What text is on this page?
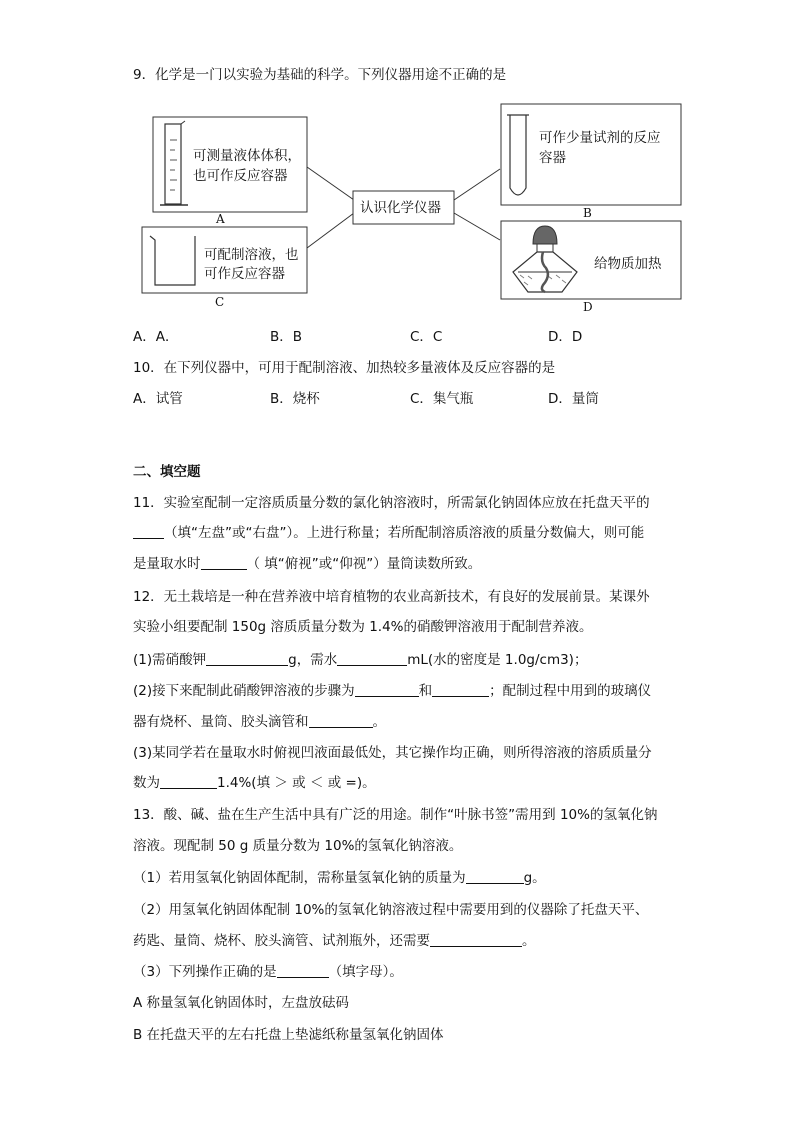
9．化学是一门以实验为基础的科学。下列仪器用途不正确的是
认识化学仪器
可测量液体体积，
也可作反应容器
A
可作少量试剂的反应
容器
B
可配制溶液，也
可作反应容器
C
给物质加热
D
A．A．	B．B	C．C	D．D
10．在下列仪器中，可用于配制溶液、加热较多量液体及反应容器的是
A．试管	B．烧杯	C．集气瓶	D．量筒
二、填空题
11．实验室配制一定溶质质量分数的氯化钠溶液时，所需氯化钠固体应放在托盘天平的
（填“左盘”或“右盘”）。上进行称量；若所配制溶质溶液的质量分数偏大，则可能
是量取水时	（ 填“俯视”或“仰视”）量筒读数所致。
12．无土栽培是一种在营养液中培育植物的农业高新技术，有良好的发展前景。某课外
实验小组要配制 150g 溶质质量分数为 1.4%的硝酸钾溶液用于配制营养液。
(1)需硝酸钾	g，需水	mL(水的密度是 1.0g/cm3)；
(2)接下来配制此硝酸钾溶液的步骤为	和	；配制过程中用到的玻璃仪
器有烧杯、量筒、胶头滴管和	。
(3)某同学若在量取水时俯视凹液面最低处，其它操作均正确，则所得溶液的溶质质量分
数为	1.4%(填 ＞ 或 ＜ 或 =)。
13．酸、碱、盐在生产生活中具有广泛的用途。制作“叶脉书签”需用到 10%的氢氧化钠
溶液。现配制 50 g 质量分数为 10%的氢氧化钠溶液。
（1）若用氢氧化钠固体配制，需称量氢氧化钠的质量为	g。
（2）用氢氧化钠固体配制 10%的氢氧化钠溶液过程中需要用到的仪器除了托盘天平、
药匙、量筒、烧杯、胶头滴管、试剂瓶外，还需要	。
（3）下列操作正确的是	（填字母）。
A 称量氢氧化钠固体时，左盘放砝码
B 在托盘天平的左右托盘上垫滤纸称量氢氧化钠固体
